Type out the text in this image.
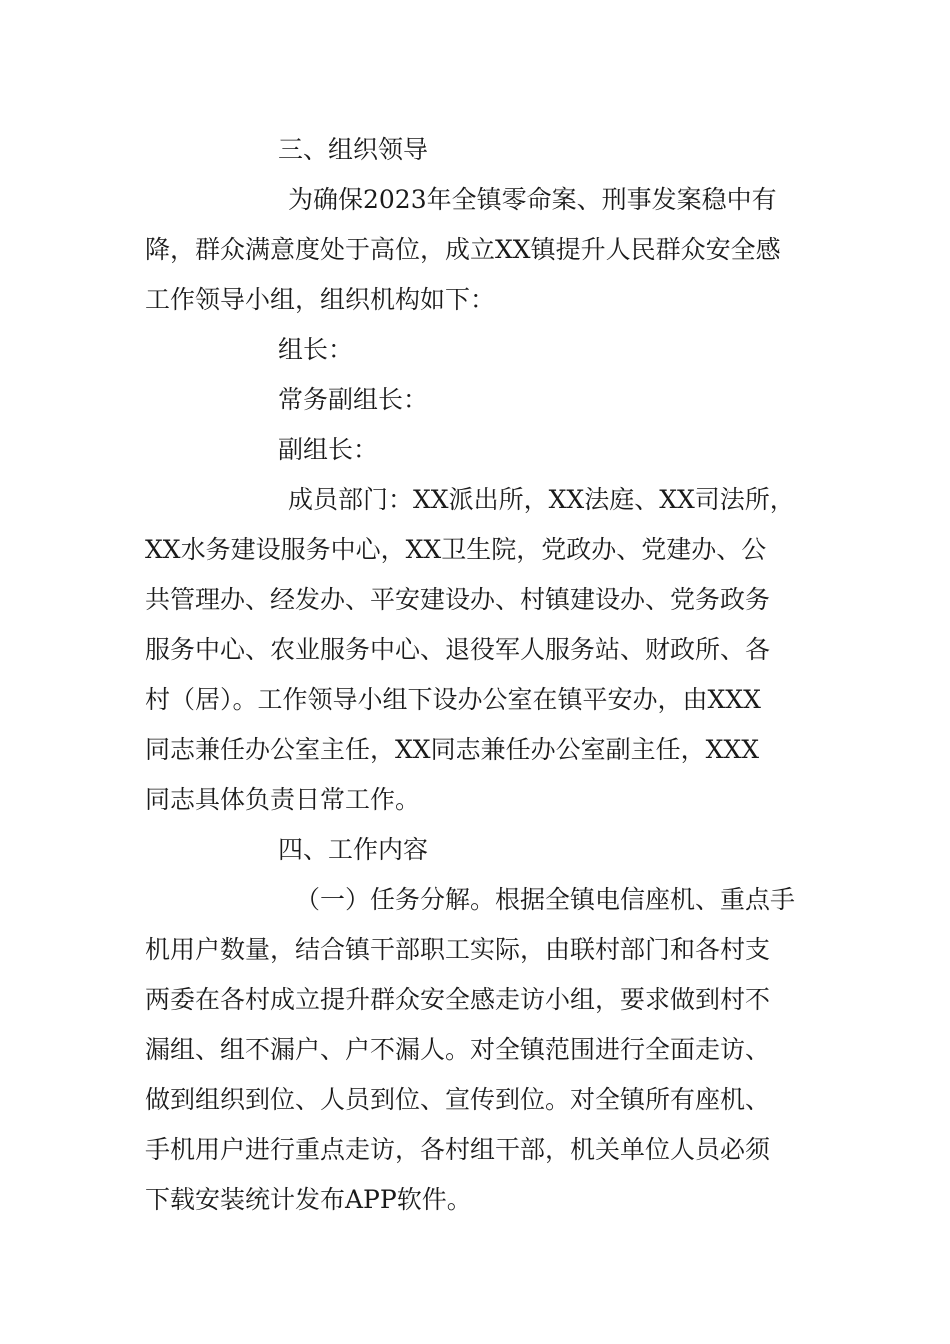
三、组织领导
为确保2023年全镇零命案、刑事发案稳中有
降，群众满意度处于高位，成立XX镇提升人民群众安全感
工作领导小组，组织机构如下：
组长：
常务副组长：
副组长：
成员部门：XX派出所，XX法庭、XX司法所，
XX水务建设服务中心，XX卫生院，党政办、党建办、公
共管理办、经发办、平安建设办、村镇建设办、党务政务
服务中心、农业服务中心、退役军人服务站、财政所、各
村（居）。工作领导小组下设办公室在镇平安办，由XXX
同志兼任办公室主任，XX同志兼任办公室副主任，XXX
同志具体负责日常工作。
四、工作内容
（一）任务分解。根据全镇电信座机、重点手
机用户数量，结合镇干部职工实际，由联村部门和各村支
两委在各村成立提升群众安全感走访小组，要求做到村不
漏组、组不漏户、户不漏人。对全镇范围进行全面走访、
做到组织到位、人员到位、宣传到位。对全镇所有座机、
手机用户进行重点走访，各村组干部，机关单位人员必须
下载安装统计发布APP软件。
